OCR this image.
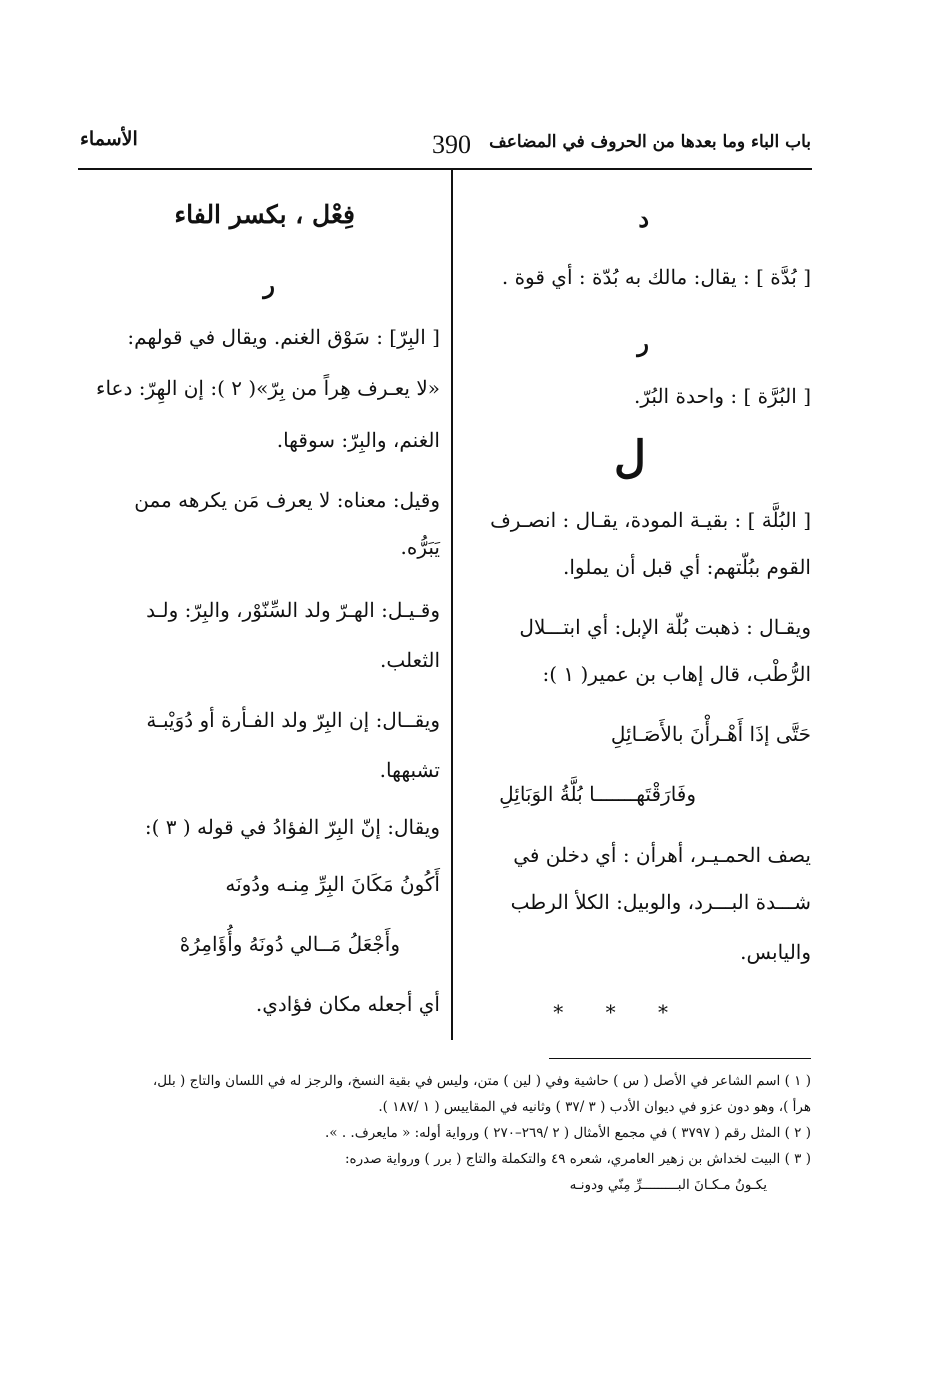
باب الباء وما بعدها من الحروف في المضاعف
390
الأسماء
د
[ بُدَّة ] : يقال: مالك به بُدّة : أي قوة .
ر
[ البُرَّة ] : واحدة البُرّ.
ل
[ البُلَّة ] : بقيـة المودة، يقـال : انصـرف
القوم ببُلّتهم: أي قبل أن يملوا.
ويقـال : ذهبت بُلّة الإبل: أي ابتـــلال
الرُّطْب، قال إهاب بن عمير( ١ ):
حَتَّى إذَا أَهْـرأْنَ بالأَصَـائِلِ
وفَارَقْتَهـــــــا بُلَّةُ الوَبَائِلِ
يصف الحمـيـر، أهرأن : أي دخلن في
شـــدة البـــرد، والوبيل: الكلأ الرطب
واليابس.
* * *
فِعْل ، بكسر الفاء
ر
[ البِرّ] : سَوْق الغنم. ويقال في قولهم:
«لا يعـرف هِراً من بِرّ»( ٢ ): إن الهِرّ: دعاء
الغنم، والبِرّ: سوقها.
وقيل: معناه: لا يعرف مَن يكرهه ممن
يَبَرُّه.
وقـيـل: الهـرّ ولد السِّنّوْر، والبِرّ: ولـد
الثعلب.
ويقــال: إن البِرّ ولد الفـأرة أو دُوَيْبـة
تشبهها.
ويقال: إنّ البِرّ الفؤادُ في قوله ( ٣ ):
أَكُونُ مَكَانَ البِرِّ مِنـه ودُونَه
وأَجْعَلُ مَــالي دُونَهُ وأُؤَامِرُهْ
أي أجعله مكان فؤادي.
( ١ ) اسم الشاعر في الأصل ( س ) حاشية وفي ( لين ) متن، وليس في بقية النسخ، والرجز له في اللسان والتاج ( بلل،
هرأ )، وهو دون عزو في ديوان الأدب ( ٣ /٣٧ ) وثانيه في المقاييس ( ١ /١٨٧ ).
( ٢ ) المثل رقم ( ٣٧٩٧ ) في مجمع الأمثال ( ٢ /٢٦٩–٢٧٠ ) ورواية أوله: « مايعرف. . ».
( ٣ ) البيت لخداش بن زهير العامري، شعره ٤٩ والتكملة والتاج ( برر ) ورواية صدره:
يكـونُ مـكـانَ البـــــــــرِّ مِنّي ودونـه
